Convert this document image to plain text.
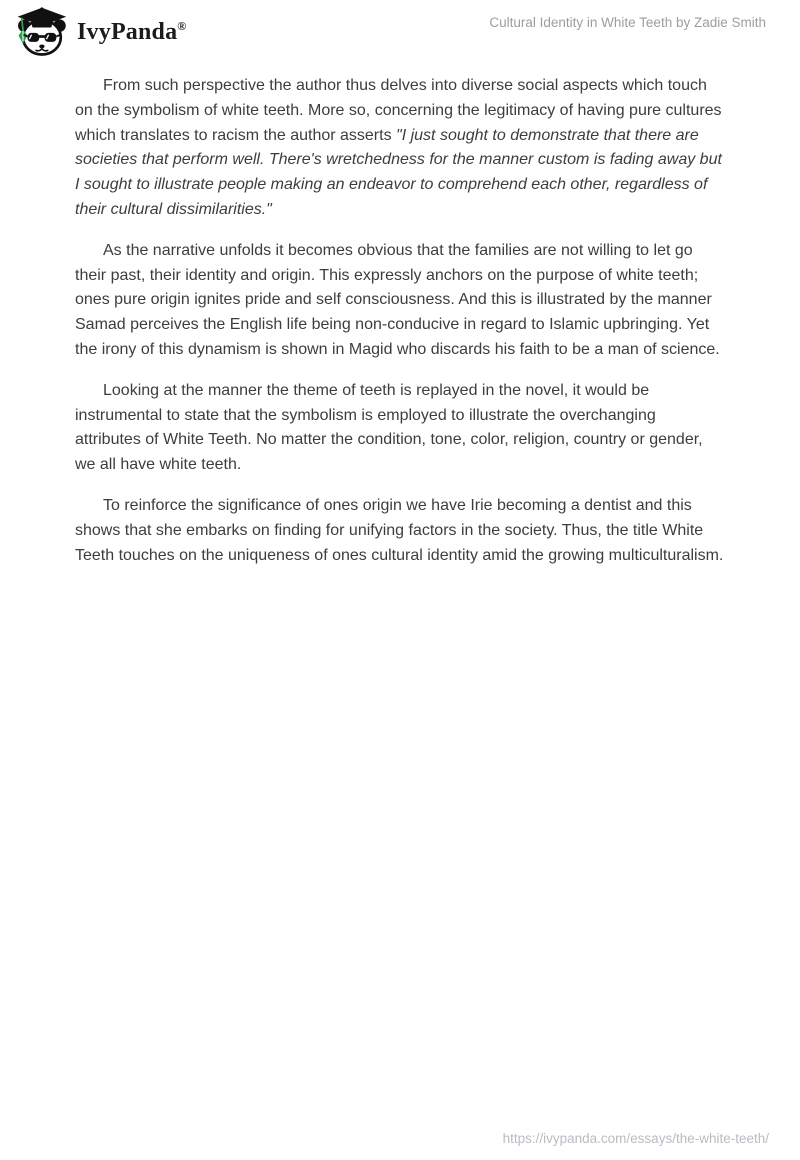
IvyPanda®	Cultural Identity in White Teeth by Zadie Smith

From such perspective the author thus delves into diverse social aspects which touch on the symbolism of white teeth. More so, concerning the legitimacy of having pure cultures which translates to racism the author asserts "I just sought to demonstrate that there are societies that perform well. There's wretchedness for the manner custom is fading away but I sought to illustrate people making an endeavor to comprehend each other, regardless of their cultural dissimilarities."

As the narrative unfolds it becomes obvious that the families are not willing to let go their past, their identity and origin. This expressly anchors on the purpose of white teeth; ones pure origin ignites pride and self consciousness. And this is illustrated by the manner Samad perceives the English life being non-conducive in regard to Islamic upbringing. Yet the irony of this dynamism is shown in Magid who discards his faith to be a man of science.

Looking at the manner the theme of teeth is replayed in the novel, it would be instrumental to state that the symbolism is employed to illustrate the overchanging attributes of White Teeth. No matter the condition, tone, color, religion, country or gender, we all have white teeth.

To reinforce the significance of ones origin we have Irie becoming a dentist and this shows that she embarks on finding for unifying factors in the society. Thus, the title White Teeth touches on the uniqueness of ones cultural identity amid the growing multiculturalism.

https://ivypanda.com/essays/the-white-teeth/
